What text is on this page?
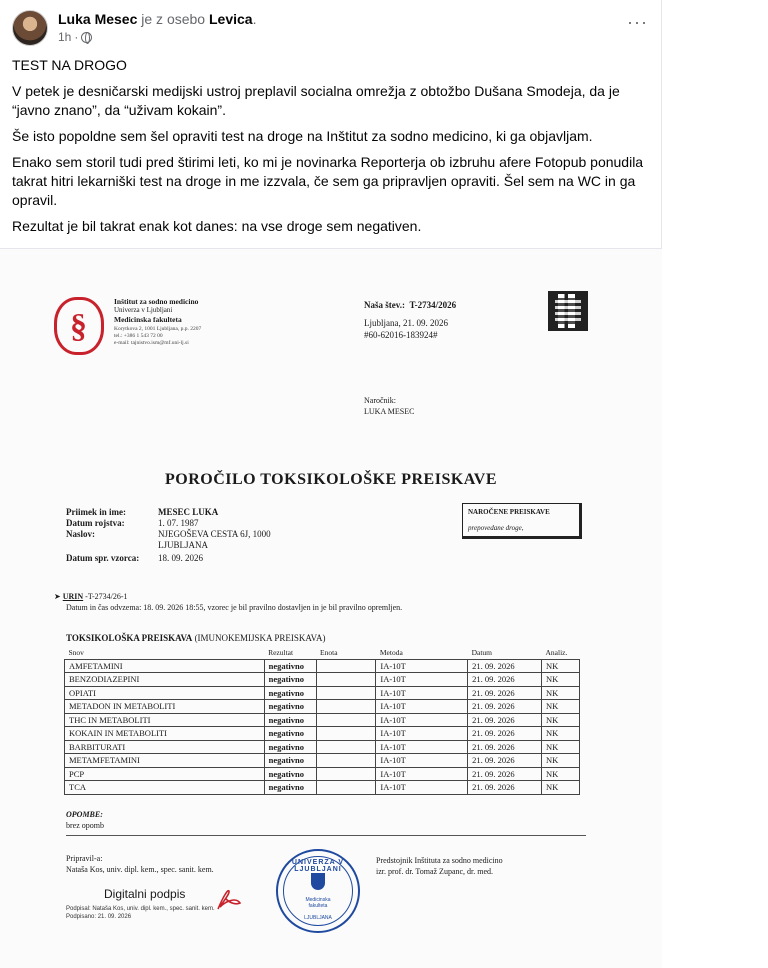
Luka Mesec je z osebo Levica.
1h ·
···

TEST NA DROGO

V petek je desničarski medijski ustroj preplavil socialna omrežja z obtožbo Dušana Smodeja, da je “javno znano”, da “uživam kokain”.

Še isto popoldne sem šel opraviti test na droge na Inštitut za sodno medicino, ki ga objavljam.

Enako sem storil tudi pred štirimi leti, ko mi je novinarka Reporterja ob izbruhu afere Fotopub ponudila takrat hitri lekarniški test na droge in me izzvala, če sem ga pripravljen opraviti. Šel sem na WC in ga opravil.

Rezultat je bil takrat enak kot danes: na vse droge sem negativen.

§
Inštitut za sodno medicino
Univerza v Ljubljani
Medicinska fakulteta
Korytkova 2, 1001 Ljubljana, p.p. 2207
tel.: +386 1 543 72 00
e-mail: tajnistvo.ism@mf.uni-lj.si
Naša štev.: T-2734/2026
Ljubljana, 21. 09. 2026
#60-62016-183924#
Naročnik:
LUKA MESEC
POROČILO TOKSIKOLOŠKE PREISKAVE
Priimek in ime:	MESEC LUKA
Datum rojstva:	1. 07. 1987
Naslov:	NJEGOŠEVA CESTA 6J, 1000
LJUBLJANA
Datum spr. vzorca:	18. 09. 2026
NAROČENE PREISKAVE
prepovedane droge,
➤ URIN -T-2734/26-1
Datum in čas odvzema: 18. 09. 2026 18:55, vzorec je bil pravilno dostavljen in je bil pravilno opremljen.
TOKSIKOLOŠKA PREISKAVA (IMUNOKEMIJSKA PREISKAVA)
Snov	Rezultat	Enota	Metoda	Datum	Analiz.
AMFETAMINI	negativno		IA-10T	21. 09. 2026	NK
BENZODIAZEPINI	negativno		IA-10T	21. 09. 2026	NK
OPIATI	negativno		IA-10T	21. 09. 2026	NK
METADON IN METABOLITI	negativno		IA-10T	21. 09. 2026	NK
THC IN METABOLITI	negativno		IA-10T	21. 09. 2026	NK
KOKAIN IN METABOLITI	negativno		IA-10T	21. 09. 2026	NK
BARBITURATI	negativno		IA-10T	21. 09. 2026	NK
METAMFETAMINI	negativno		IA-10T	21. 09. 2026	NK
PCP	negativno		IA-10T	21. 09. 2026	NK
TCA	negativno		IA-10T	21. 09. 2026	NK
OPOMBE:
brez opomb
Pripravil-a:
Nataša Kos, univ. dipl. kem., spec. sanit. kem.
Digitalni podpis
Podpisal: Nataša Kos, univ. dipl. kem., spec. sanit. kem.
Podpisano: 21. 09. 2026
UNIVERZA V LJUBLJANI
Medicinska
fakulteta
LJUBLJANA
Predstojnik Inštituta za sodno medicino
izr. prof. dr. Tomaž Zupanc, dr. med.
